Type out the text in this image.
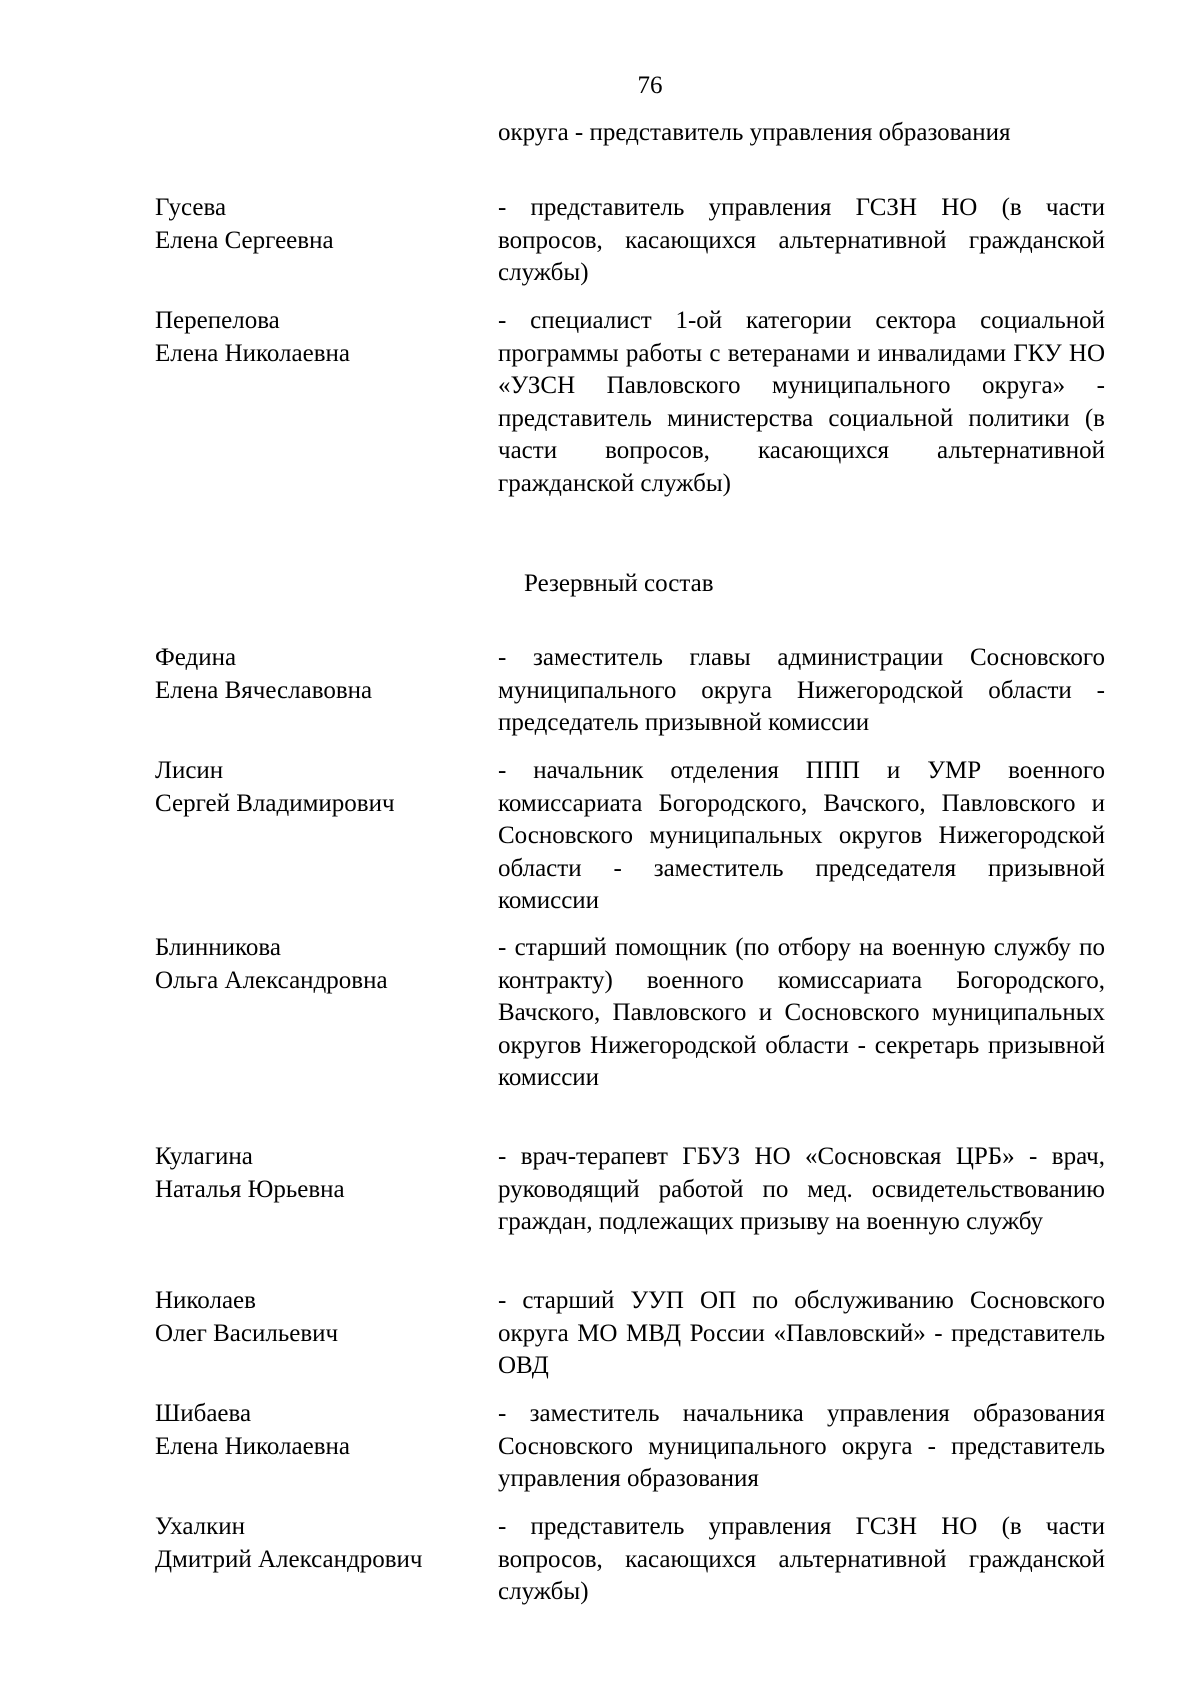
76
округа - представитель управления образования
Гусева
Елена Сергеевна
- представитель управления ГСЗН НО (в части вопросов, касающихся альтернативной гражданской службы)
Перепелова
Елена Николаевна
- специалист 1-ой категории сектора социальной программы работы с ветеранами и инвалидами ГКУ НО «УЗСН Павловского муниципального округа» - представитель министерства социальной политики (в части вопросов, касающихся альтернативной гражданской службы)
Резервный состав
Федина
Елена Вячеславовна
- заместитель главы администрации Сосновского муниципального округа Нижегородской области - председатель призывной комиссии
Лисин
Сергей Владимирович
- начальник отделения ППП и УМР военного комиссариата Богородского, Вачского, Павловского и Сосновского муниципальных округов Нижегородской области - заместитель председателя призывной комиссии
Блинникова
Ольга Александровна
- старший помощник (по отбору на военную службу по контракту) военного комиссариата Богородского, Вачского, Павловского и Сосновского муниципальных округов Нижегородской области - секретарь призывной комиссии
Кулагина
Наталья Юрьевна
- врач-терапевт ГБУЗ НО «Сосновская ЦРБ» - врач, руководящий работой по мед. освидетельствованию граждан, подлежащих призыву на военную службу
Николаев
Олег Васильевич
- старший УУП ОП по обслуживанию Сосновского округа МО МВД России «Павловский» - представитель ОВД
Шибаева
Елена Николаевна
- заместитель начальника управления образования Сосновского муниципального округа - представитель управления образования
Ухалкин
Дмитрий Александрович
- представитель управления ГСЗН НО (в части вопросов, касающихся альтернативной гражданской службы)
